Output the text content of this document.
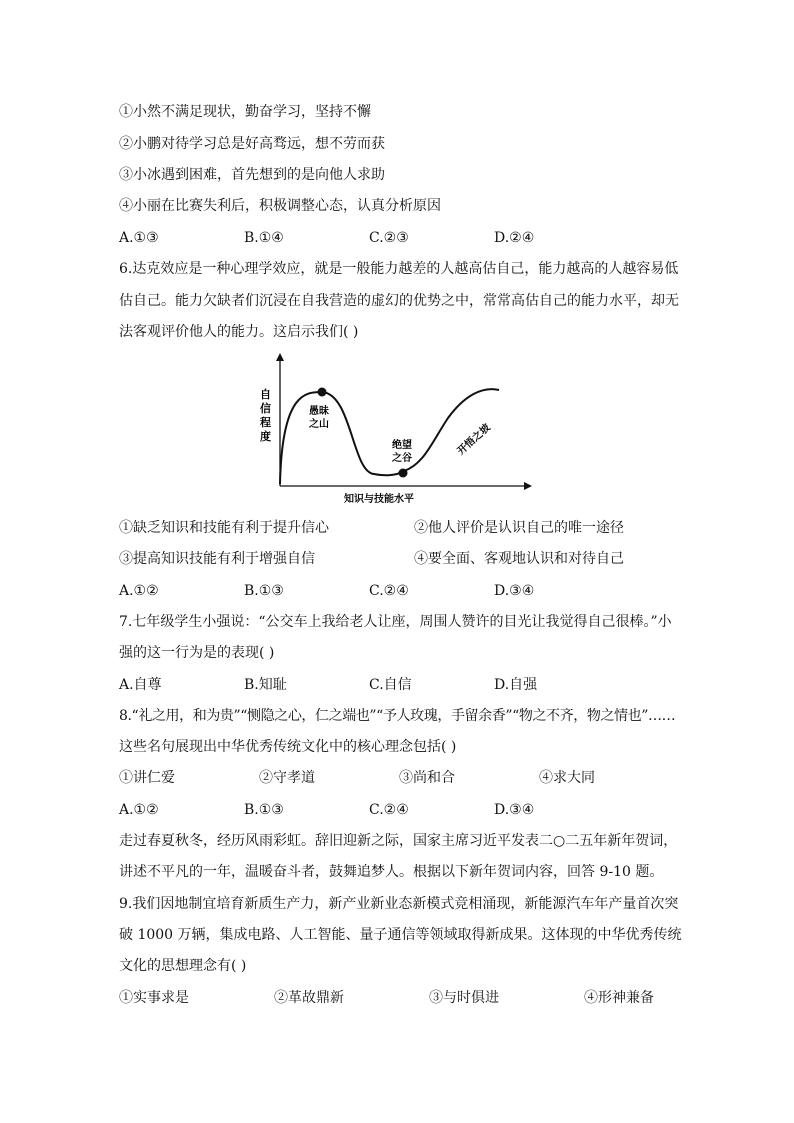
①小然不满足现状，勤奋学习，坚持不懈
②小鹏对待学习总是好高骛远，想不劳而获
③小冰遇到困难，首先想到的是向他人求助
④小丽在比赛失利后，积极调整心态，认真分析原因
A.①③	B.①④	C.②③	D.②④
6.达克效应是一种心理学效应，就是一般能力越差的人越高估自己，能力越高的人越容易低
估自己。能力欠缺者们沉浸在自我营造的虚幻的优势之中，常常高估自己的能力水平，却无
法客观评价他人的能力。这启示我们( )
自
信
程
度
愚昧
之山
绝望
之谷
开悟之坡
知识与技能水平
①缺乏知识和技能有利于提升信心	②他人评价是认识自己的唯一途径
③提高知识技能有利于增强自信	④要全面、客观地认识和对待自己
A.①②	B.①③	C.②④	D.③④
7.七年级学生小强说：“公交车上我给老人让座，周围人赞许的目光让我觉得自己很棒。”小
强的这一行为是的表现( )
A.自尊	B.知耻	C.自信	D.自强
8.“礼之用，和为贵”“恻隐之心，仁之端也”“予人玫瑰，手留余香”“物之不齐，物之情也”……
这些名句展现出中华优秀传统文化中的核心理念包括( )
①讲仁爱	②守孝道	③尚和合	④求大同
A.①②	B.①③	C.②④	D.③④
走过春夏秋冬，经历风雨彩虹。辞旧迎新之际，国家主席习近平发表二○二五年新年贺词，
讲述不平凡的一年，温暖奋斗者，鼓舞追梦人。根据以下新年贺词内容，回答 9-10 题。
9.我们因地制宜培育新质生产力，新产业新业态新模式竞相涌现，新能源汽车年产量首次突
破 1000 万辆，集成电路、人工智能、量子通信等领域取得新成果。这体现的中华优秀传统
文化的思想理念有( )
①实事求是	②革故鼎新	③与时俱进	④形神兼备
